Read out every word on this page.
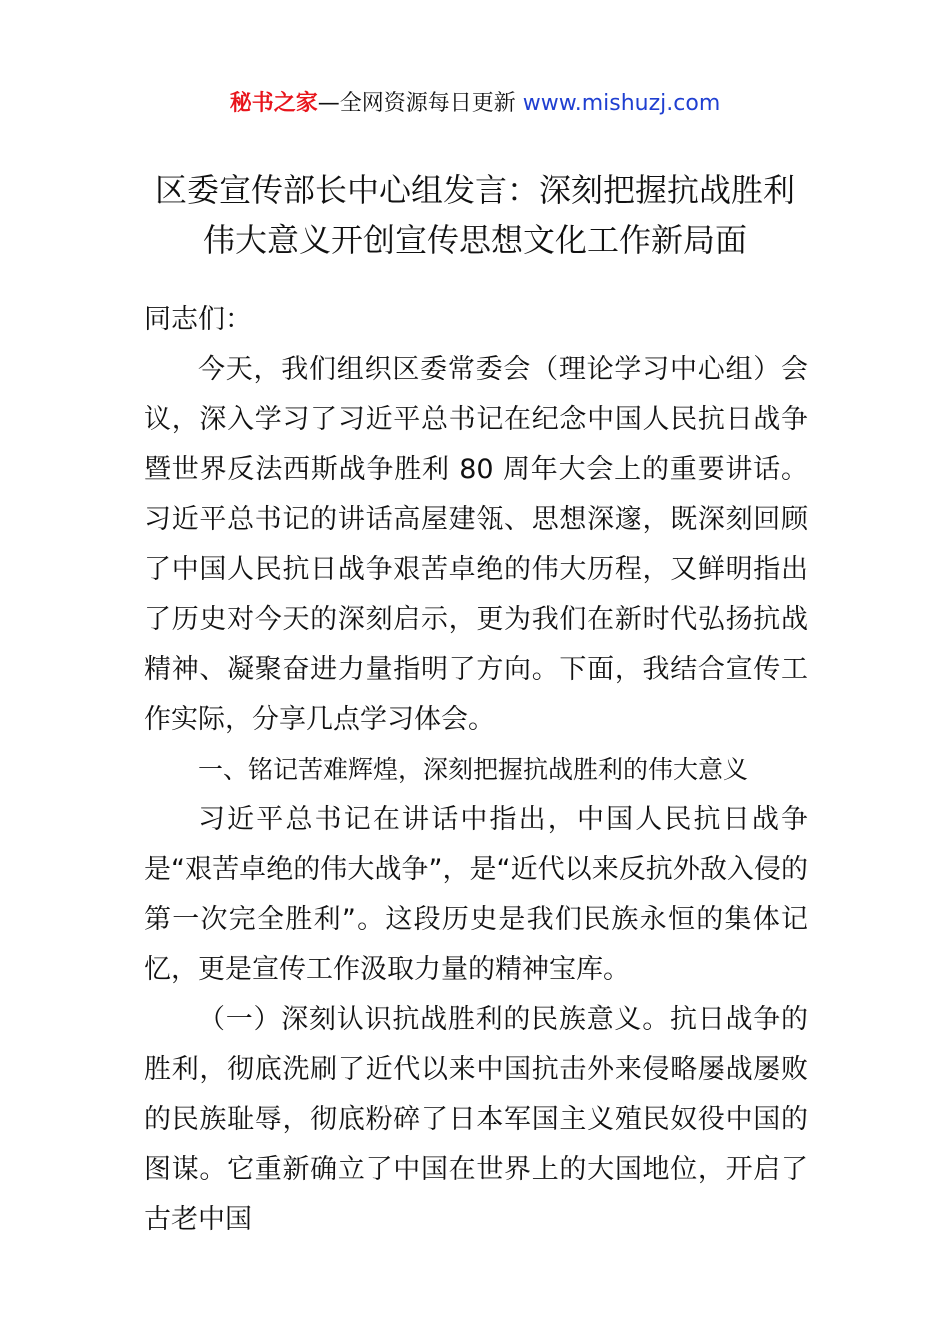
秘书之家—全网资源每日更新 www.mishuzj.com
区委宣传部长中心组发言：深刻把握抗战胜利
伟大意义开创宣传思想文化工作新局面

同志们：

今天，我们组织区委常委会（理论学习中心组）会议，深入学习了习近平总书记在纪念中国人民抗日战争暨世界反法西斯战争胜利 80 周年大会上的重要讲话。习近平总书记的讲话高屋建瓴、思想深邃，既深刻回顾了中国人民抗日战争艰苦卓绝的伟大历程，又鲜明指出了历史对今天的深刻启示，更为我们在新时代弘扬抗战精神、凝聚奋进力量指明了方向。下面，我结合宣传工作实际，分享几点学习体会。

一、铭记苦难辉煌，深刻把握抗战胜利的伟大意义

习近平总书记在讲话中指出，中国人民抗日战争是“艰苦卓绝的伟大战争”，是“近代以来反抗外敌入侵的第一次完全胜利”。这段历史是我们民族永恒的集体记忆，更是宣传工作汲取力量的精神宝库。

（一）深刻认识抗战胜利的民族意义。抗日战争的胜利，彻底洗刷了近代以来中国抗击外来侵略屡战屡败的民族耻辱，彻底粉碎了日本军国主义殖民奴役中国的图谋。它重新确立了中国在世界上的大国地位，开启了古老中国
